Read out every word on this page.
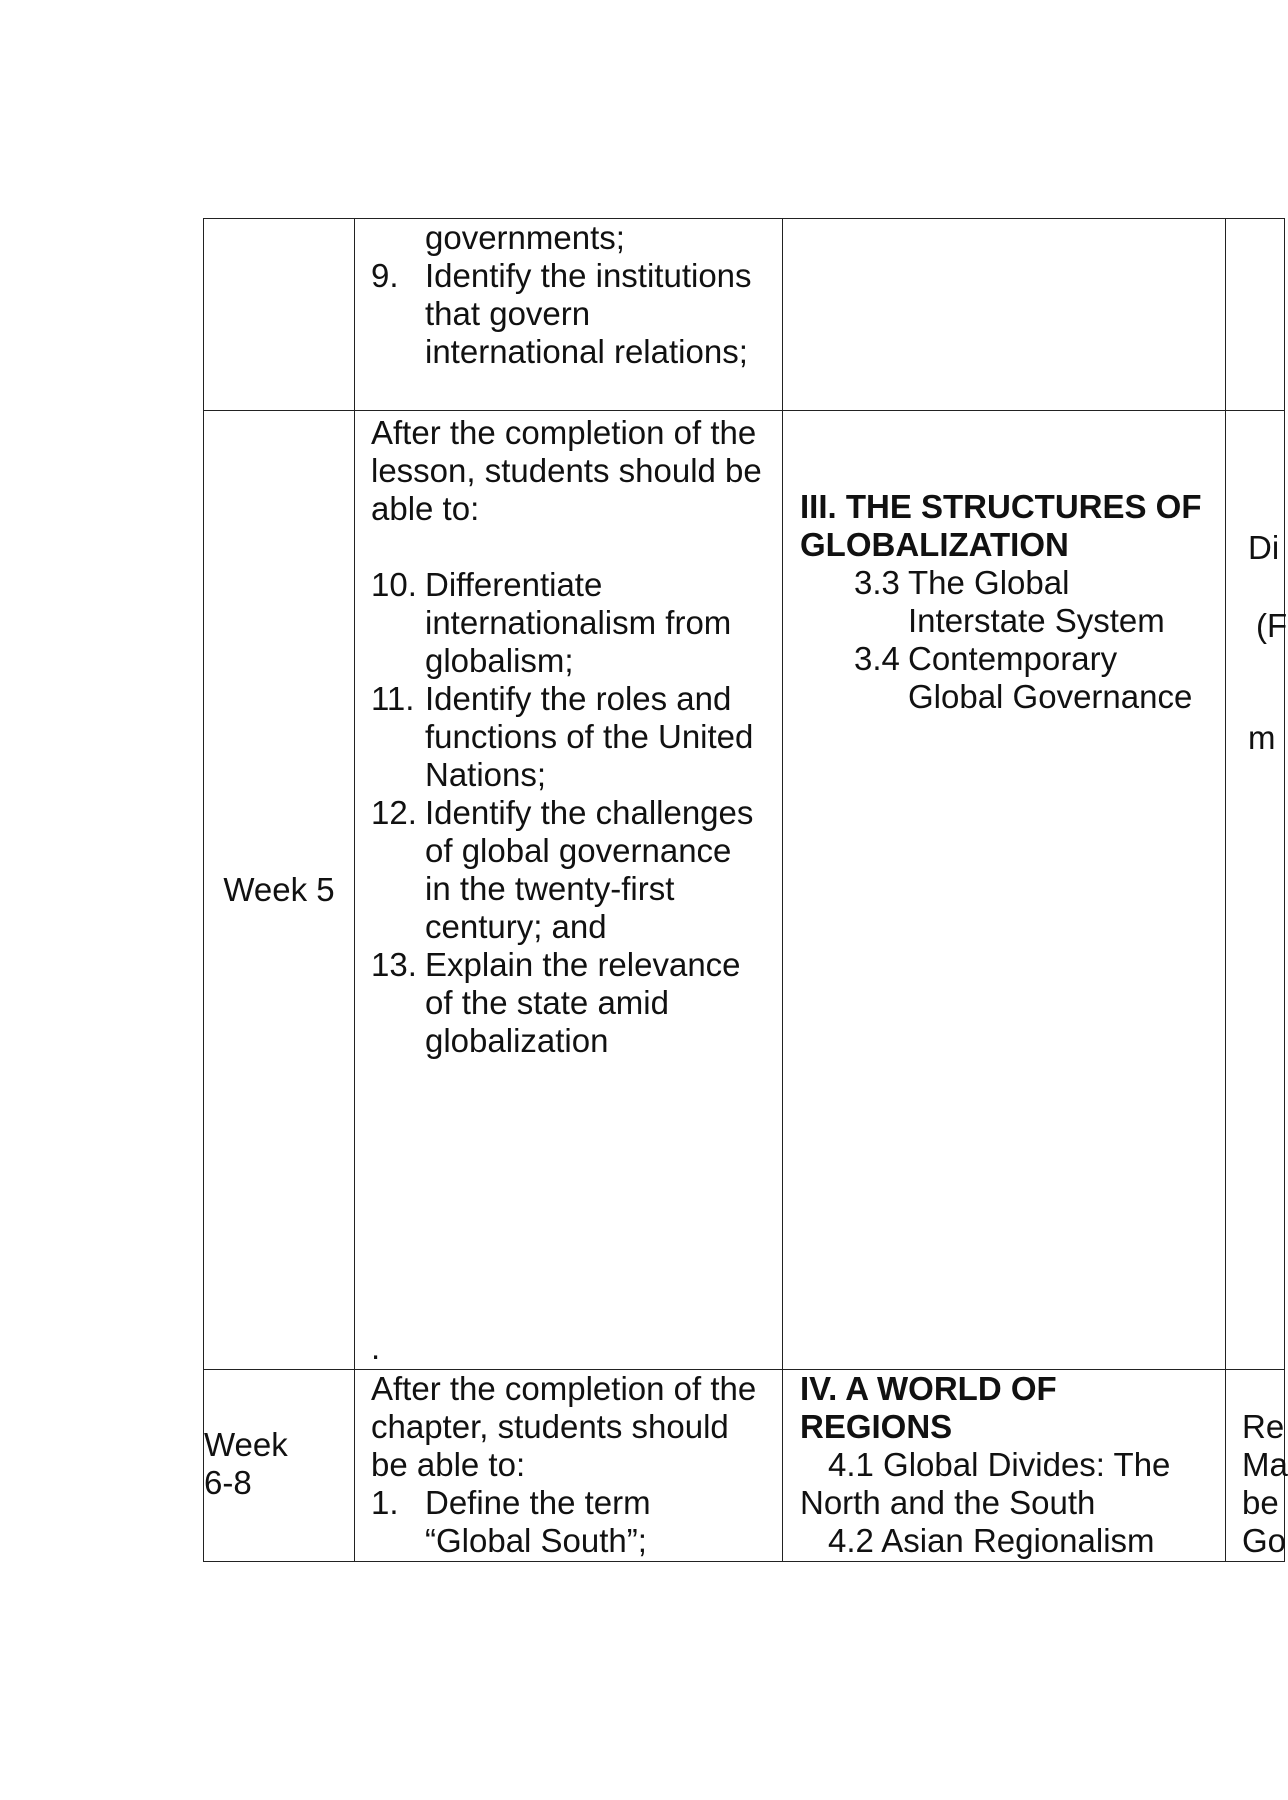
governments;
9. Identify the institutions
that govern
international relations;
Week 5
After the completion of the
lesson, students should be
able to:
10. Differentiate
internationalism from
globalism;
11. Identify the roles and
functions of the United
Nations;
12. Identify the challenges
of global governance
in the twenty-first
century; and
13. Explain the relevance
of the state amid
globalization
.
III. THE STRUCTURES OF
GLOBALIZATION
3.3 The Global
Interstate System
3.4 Contemporary
Global Governance
Di
(F
m
Week
6-8
After the completion of the
chapter, students should
be able to:
1. Define the term
“Global South”;
IV. A WORLD OF
REGIONS
4.1 Global Divides: The
North and the South
4.2 Asian Regionalism
Re
Ma
be
Go
